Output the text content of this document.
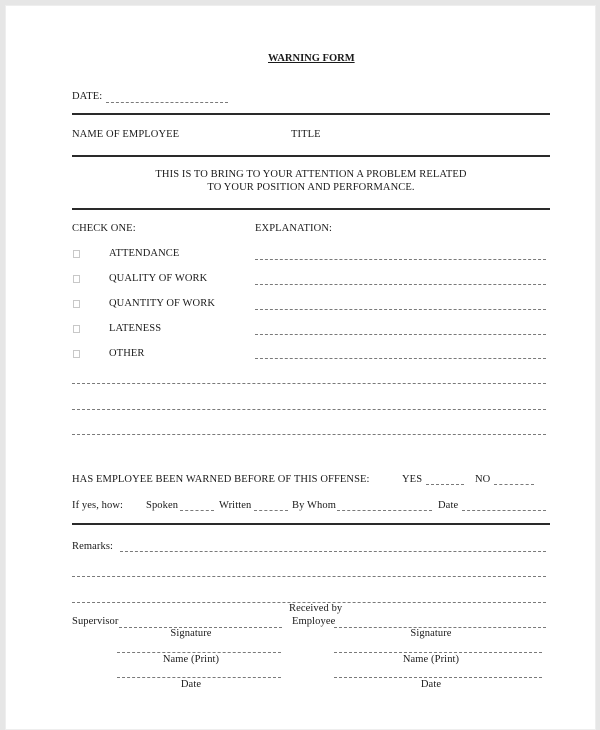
WARNING FORM
DATE:
NAME OF EMPLOYEE	TITLE
THIS IS TO BRING TO YOUR ATTENTION A PROBLEM RELATED
TO YOUR POSITION AND PERFORMANCE.
CHECK ONE:	EXPLANATION:
ATTENDANCE
QUALITY OF WORK
QUANTITY OF WORK
LATENESS
OTHER
HAS EMPLOYEE BEEN WARNED BEFORE OF THIS OFFENSE:	YES	NO
If yes, how: Spoken	Written	By Whom	Date
Remarks:
Received by
Supervisor	Employee
Signature	Signature
Name (Print)	Name (Print)
Date	Date
